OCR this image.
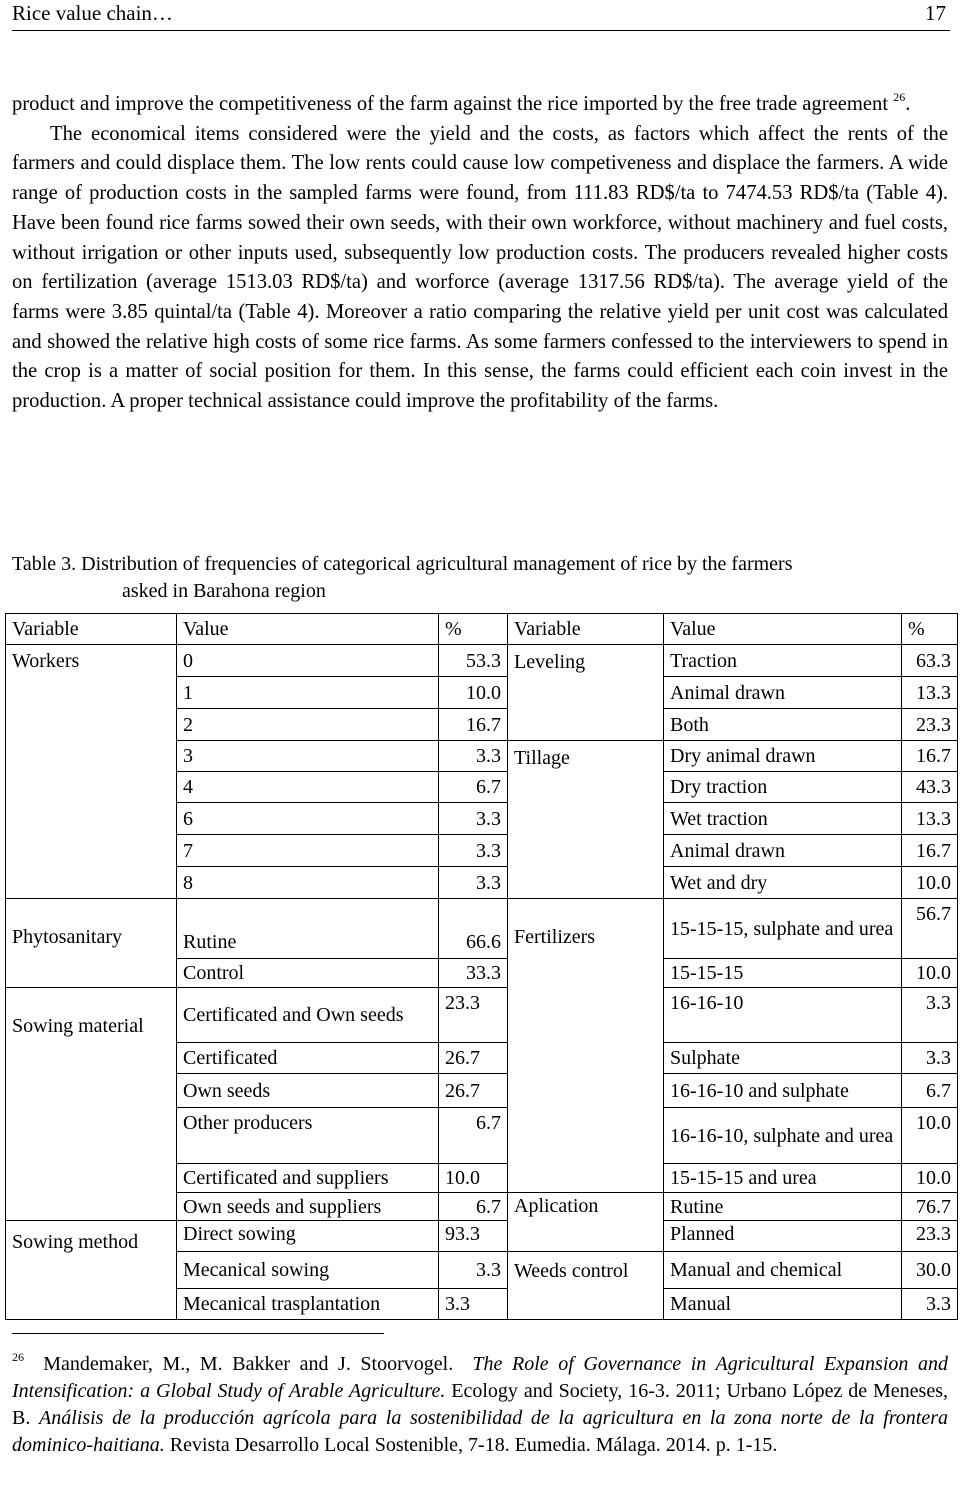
Rice value chain…	17

product and improve the competitiveness of the farm against the rice imported by the free trade agreement $^{26}$.
The economical items considered were the yield and the costs, as factors which affect the rents of the farmers and could displace them. The low rents could cause low competiveness and displace the farmers. A wide range of production costs in the sampled farms were found, from 111.83 RD$/ta to 7474.53 RD$/ta (Table 4). Have been found rice farms sowed their own seeds, with their own workforce, without machinery and fuel costs, without irrigation or other inputs used, subsequently low production costs. The producers revealed higher costs on fertilization (average 1513.03 RD$/ta) and worforce (average 1317.56 RD$/ta). The average yield of the farms were 3.85 quintal/ta (Table 4). Moreover a ratio comparing the relative yield per unit cost was calculated and showed the relative high costs of some rice farms. As some farmers confessed to the interviewers to spend in the crop is a matter of social position for them. In this sense, the farms could efficient each coin invest in the production. A proper technical assistance could improve the profitability of the farms.

Table 3. Distribution of frequencies of categorical agricultural management of rice by the farmers
asked in Barahona region

Variable	Value	%	Variable	Value	%
Workers	0	53.3	Leveling	Traction	63.3
	1	10.0		Animal drawn	13.3
	2	16.7		Both	23.3
	3	3.3	Tillage	Dry animal drawn	16.7
	4	6.7		Dry traction	43.3
	6	3.3		Wet traction	13.3
	7	3.3		Animal drawn	16.7
	8	3.3		Wet and dry	10.0
Phytosanitary	Rutine	66.6	Fertilizers	15-15-15, sulphate and urea	56.7
	Control	33.3		15-15-15	10.0
Sowing material	Certificated and Own seeds	23.3		16-16-10	3.3
	Certificated	26.7		Sulphate	3.3
	Own seeds	26.7		16-16-10 and sulphate	6.7
	Other producers	6.7		16-16-10, sulphate and urea	10.0
	Certificated and suppliers	10.0		15-15-15 and urea	10.0
	Own seeds and suppliers	6.7	Aplication	Rutine	76.7
Sowing method	Direct sowing	93.3		Planned	23.3
	Mecanical sowing	3.3	Weeds control	Manual and chemical	30.0
	Mecanical trasplantation	3.3		Manual	3.3

$^{26}$ Mandemaker, M., M. Bakker and J. Stoorvogel. The Role of Governance in Agricultural Expansion and Intensification: a Global Study of Arable Agriculture. Ecology and Society, 16-3. 2011; Urbano López de Meneses, B. Análisis de la producción agrícola para la sostenibilidad de la agricultura en la zona norte de la frontera dominico-haitiana. Revista Desarrollo Local Sostenible, 7-18. Eumedia. Málaga. 2014. p. 1-15.
